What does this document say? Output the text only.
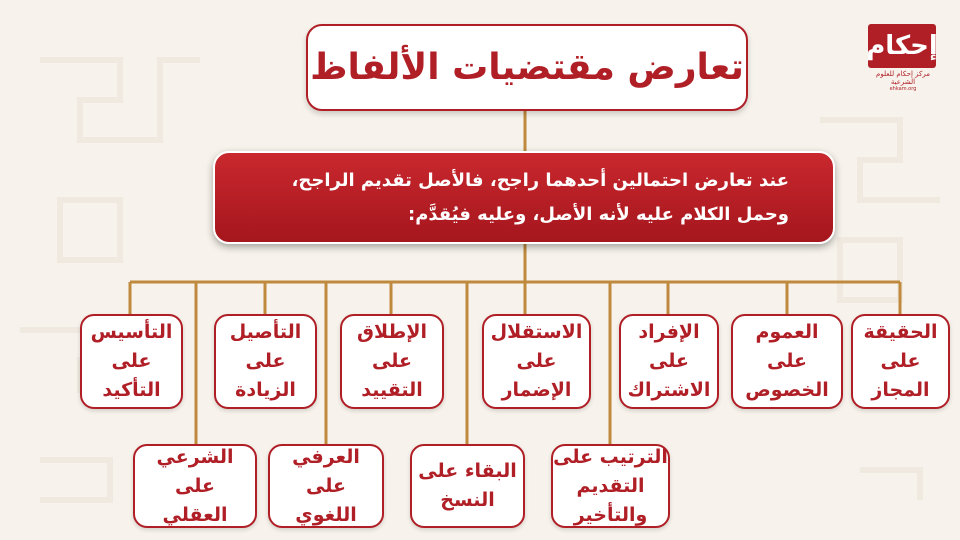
تعارض مقتضيات الألفاظ
عند تعارض احتمالين أحدهما راجح، فالأصل تقديم الراجح،
وحمل الكلام عليه لأنه الأصل، وعليه فيُقدَّم:
الحقيقة
على
المجاز
العموم
على
الخصوص
الإفراد
على
الاشتراك
الترتيب على
التقديم
والتأخير
الاستقلال
على
الإضمار
البقاء على
النسخ
الإطلاق
على
التقييد
العرفي
على
اللغوي
التأصيل
على
الزيادة
الشرعي
على
العقلي
التأسيس
على
التأكيد
إحكام
مركز إحكام للعلوم الشرعية
ehkam.org
